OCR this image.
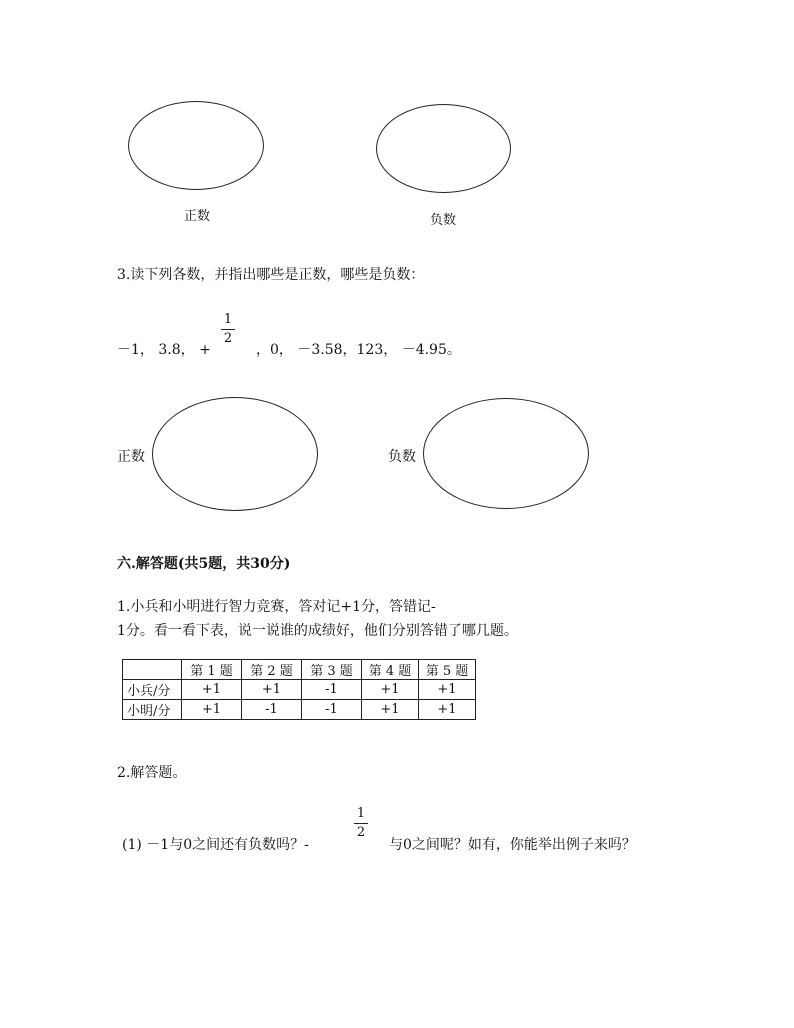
正数	负数
3.读下列各数，并指出哪些是正数，哪些是负数：
－1， 3.8， +
1
2
，0， －3.58，123， －4.95。
正数	负数
六.解答题(共5题，共30分)
1.小兵和小明进行智力竞赛，答对记+1分，答错记-
1分。看一看下表，说一说谁的成绩好，他们分别答错了哪几题。
	第 1 题	第 2 题	第 3 题	第 4 题	第 5 题
小兵/分	+1	+1	-1	+1	+1
小明/分	+1	-1	-1	+1	+1
2.解答题。
(1) －1与0之间还有负数吗？-
1
2
与0之间呢？如有，你能举出例子来吗？
